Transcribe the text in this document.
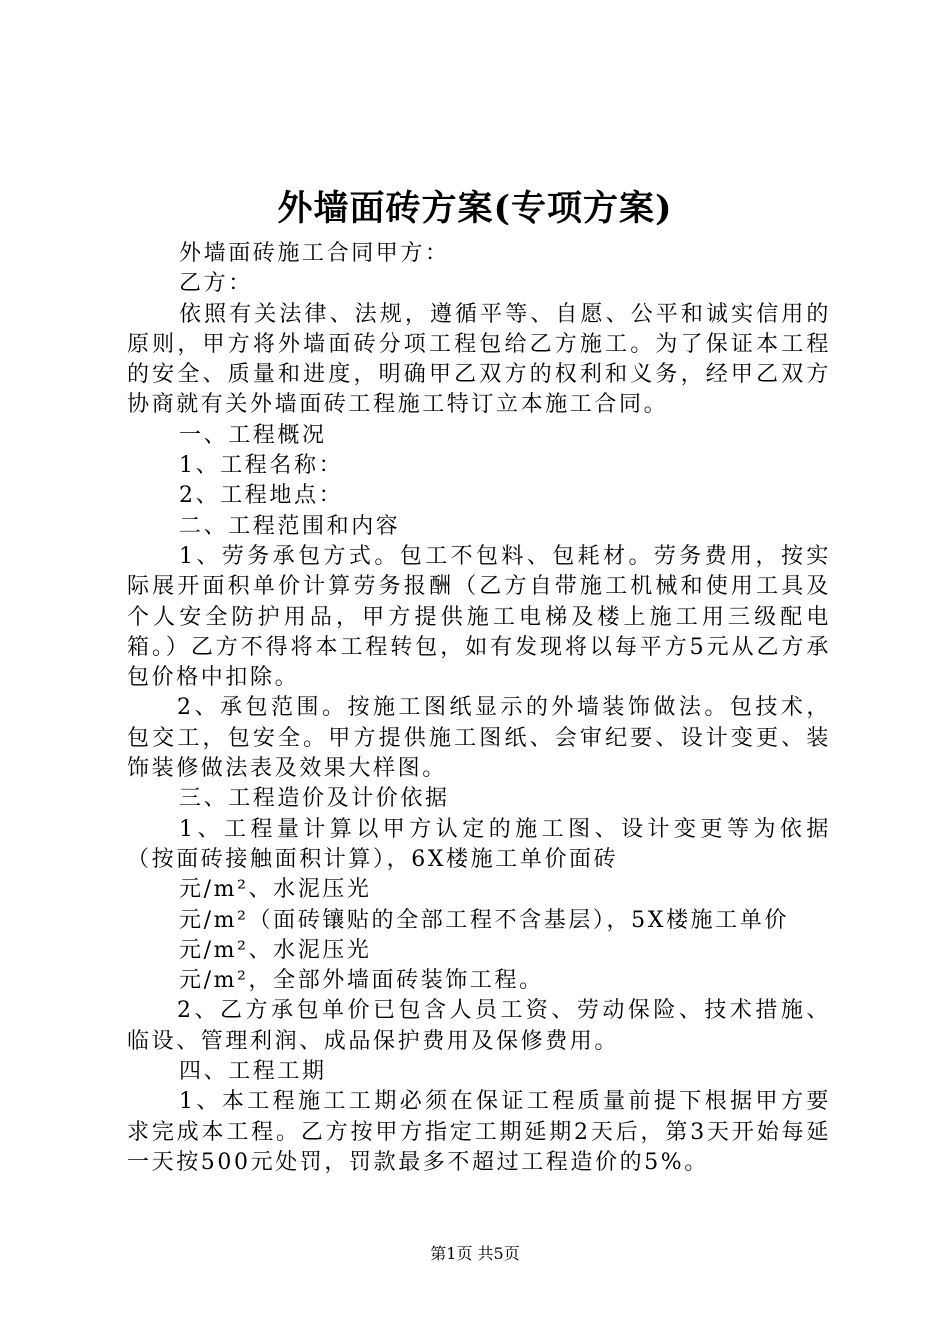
外墙面砖方案(专项方案)

外墙面砖施工合同甲方：

乙方：

依照有关法律、法规，遵循平等、自愿、公平和诚实信用的原则，甲方将外墙面砖分项工程包给乙方施工。为了保证本工程的安全、质量和进度，明确甲乙双方的权利和义务，经甲乙双方协商就有关外墙面砖工程施工特订立本施工合同。

一、工程概况

1、工程名称：

2、工程地点：

二、工程范围和内容

1、劳务承包方式。包工不包料、包耗材。劳务费用，按实际展开面积单价计算劳务报酬（乙方自带施工机械和使用工具及个人安全防护用品，甲方提供施工电梯及楼上施工用三级配电箱。）乙方不得将本工程转包，如有发现将以每平方5元从乙方承包价格中扣除。

2、承包范围。按施工图纸显示的外墙装饰做法。包技术，包交工，包安全。甲方提供施工图纸、会审纪要、设计变更、装饰装修做法表及效果大样图。

三、工程造价及计价依据

1、工程量计算以甲方认定的施工图、设计变更等为依据（按面砖接触面积计算），6X楼施工单价面砖

元/m²、水泥压光

元/m²（面砖镶贴的全部工程不含基层），5X楼施工单价

元/m²、水泥压光

元/m²，全部外墙面砖装饰工程。

2、乙方承包单价已包含人员工资、劳动保险、技术措施、临设、管理利润、成品保护费用及保修费用。

四、工程工期

1、本工程施工工期必须在保证工程质量前提下根据甲方要求完成本工程。乙方按甲方指定工期延期2天后，第3天开始每延一天按500元处罚，罚款最多不超过工程造价的5%。

第1页 共5页
